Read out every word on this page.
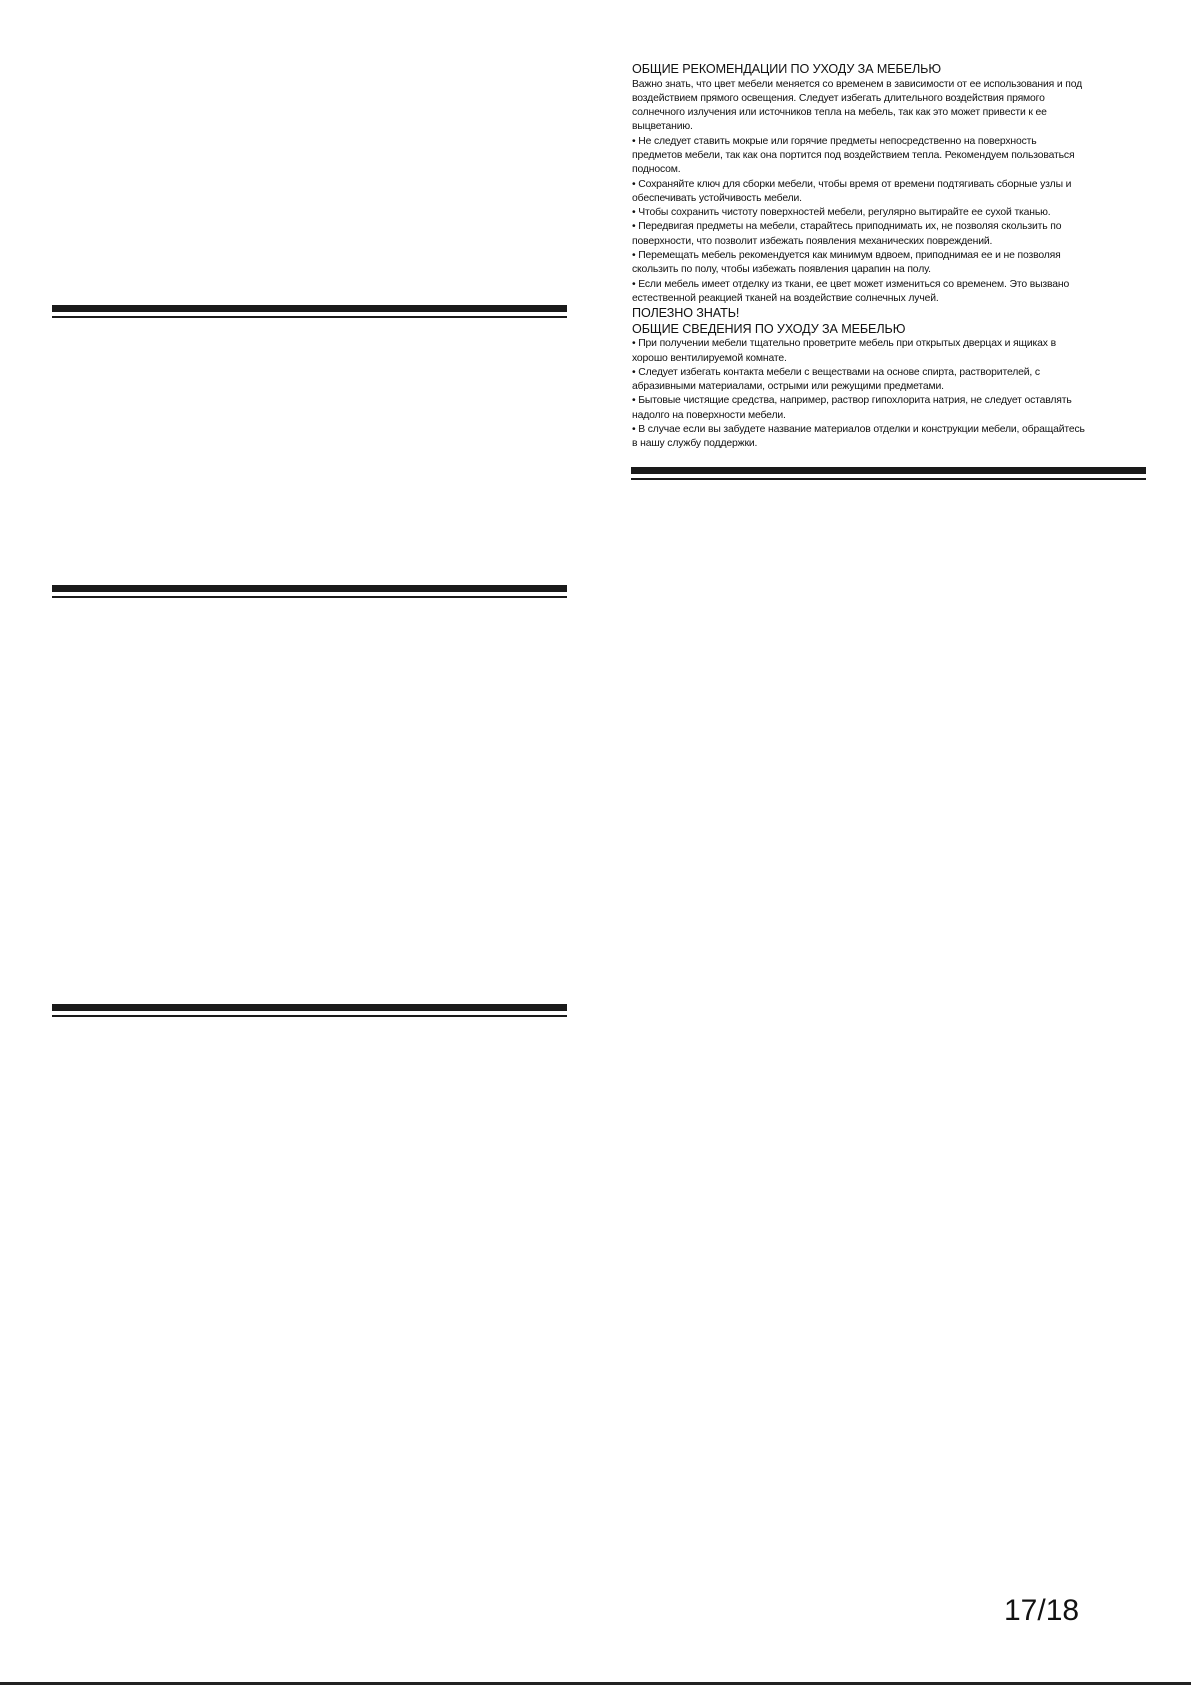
ОБЩИЕ РЕКОМЕНДАЦИИ ПО УХОДУ ЗА МЕБЕЛЬЮ

Важно знать, что цвет мебели меняется со временем в зависимости от ее использования и под

воздействием прямого освещения. Следует избегать длительного воздействия прямого

солнечного излучения или источников тепла на мебель, так как это может привести к ее

выцветанию.

• Не следует ставить мокрые или горячие предметы непосредственно на поверхность

предметов мебели, так как она портится под воздействием тепла. Рекомендуем пользоваться

подносом.

• Сохраняйте ключ для сборки мебели, чтобы время от времени подтягивать сборные узлы и

обеспечивать устойчивость мебели.

• Чтобы сохранить чистоту поверхностей мебели, регулярно вытирайте ее сухой тканью.

• Передвигая предметы на мебели, старайтесь приподнимать их, не позволяя скользить по

поверхности, что позволит избежать появления механических повреждений.

• Перемещать мебель рекомендуется как минимум вдвоем, приподнимая ее и не позволяя

скользить по полу, чтобы избежать появления царапин на полу.

• Если мебель имеет отделку из ткани, ее цвет может измениться со временем. Это вызвано

естественной реакцией тканей на воздействие солнечных лучей.

ПОЛЕЗНО ЗНАТЬ!

ОБЩИЕ СВЕДЕНИЯ ПО УХОДУ ЗА МЕБЕЛЬЮ

• При получении мебели тщательно проветрите мебель при открытых дверцах и ящиках в

хорошо вентилируемой комнате.

• Следует избегать контакта мебели с веществами на основе спирта, растворителей, с

абразивными материалами, острыми или режущими предметами.

• Бытовые чистящие средства, например, раствор гипохлорита натрия, не следует оставлять

надолго на поверхности мебели.

• В случае если вы забудете название материалов отделки и конструкции мебели, обращайтесь

в нашу службу поддержки.

17/18
